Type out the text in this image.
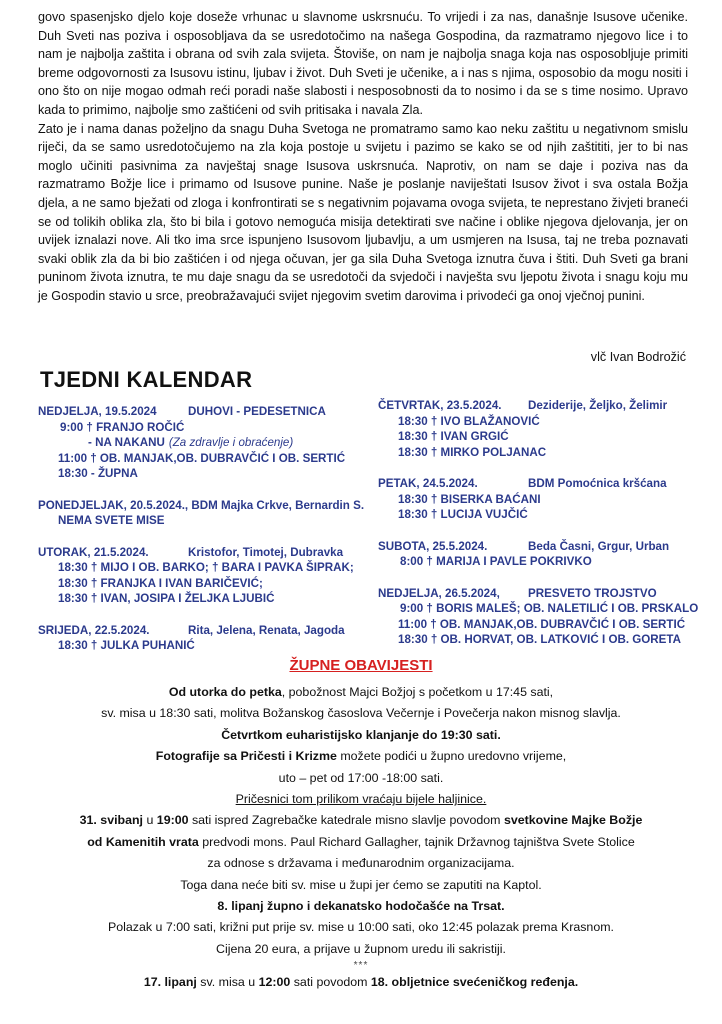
govo spasenjsko djelo koje doseže vrhunac u slavnome uskrsnuću. To vrijedi i za nas, današnje Isusove učenike. Duh Sveti nas poziva i osposobljava da se usredotočimo na našega Gospodina, da razmatramo njegovo lice i to nam je najbolja zaštita i obrana od svih zala svijeta. Štoviše, on nam je najbolja snaga koja nas osposobljuje primiti breme odgovornosti za Isusovu istinu, ljubav i život. Duh Sveti je učenike, a i nas s njima, osposobio da mogu nositi i ono što on nije mogao odmah reći poradi naše slabosti i nesposobnosti da to nosimo i da se s time nosimo. Upravo kada to primimo, najbolje smo zaštićeni od svih pritisaka i navala Zla.

Zato je i nama danas poželjno da snagu Duha Svetoga ne promatramo samo kao neku zaštitu u negativnom smislu riječi, da se samo usredotočujemo na zla koja postoje u svijetu i pazimo se kako se od njih zaštititi, jer to bi nas moglo učiniti pasivnima za navještaj snage Isusova uskrsnuća. Naprotiv, on nam se daje i poziva nas da razmatramo Božje lice i primamo od Isusove punine. Naše je poslanje naviještati Isusov život i sva ostala Božja djela, a ne samo bježati od zloga i konfrontirati se s negativnim pojavama ovoga svijeta, te neprestano živjeti braneći se od tolikih oblika zla, što bi bila i gotovo nemoguća misija detektirati sve načine i oblike njegova djelovanja, jer on uvijek iznalazi nove. Ali tko ima srce ispunjeno Isusovom ljubavlju, a um usmjeren na Isusa, taj ne treba poznavati svaki oblik zla da bi bio zaštićen i od njega očuvan, jer ga sila Duha Svetoga iznutra čuva i štiti. Duh Sveti ga brani puninom života iznutra, te mu daje snagu da se usredotoči da svjedoči i navješta svu ljepotu života i snagu koju mu je Gospodin stavio u srce, preobražavajući svijet njegovim svetim darovima i privodeći ga onoj vječnoj punini.

vlč Ivan Bodrožić
TJEDNI KALENDAR
NEDJELJA, 19.5.2024	DUHOVI - PEDESETNICA
9:00 † FRANJO ROČIĆ
- NA NAKANU (Za zdravlje i obraćenje)
11:00 † OB. MANJAK,OB. DUBRAVČIĆ I OB. SERTIĆ
18:30 - ŽUPNA
PONEDJELJAK, 20.5.2024., BDM Majka Crkve, Bernardin S.
NEMA SVETE MISE
UTORAK, 21.5.2024.	Kristofor, Timotej, Dubravka
18:30 † MIJO I OB. BARKO; † BARA I PAVKA ŠIPRAK;
18:30 † FRANJKA I IVAN BARIČEVIĆ;
18:30 † IVAN, JOSIPA I ŽELJKA LJUBIĆ
SRIJEDA, 22.5.2024.	Rita, Jelena, Renata, Jagoda
18:30 † JULKA PUHANIĆ
ČETVRTAK, 23.5.2024. Deziderije, Željko, Želimir
18:30 † IVO BLAŽANOVIĆ
18:30 † IVAN GRGIĆ
18:30 † MIRKO POLJANAC
PETAK, 24.5.2024.	BDM Pomoćnica kršćana
18:30 † BISERKA BAĆANI
18:30 † LUCIJA VUJČIĆ
SUBOTA, 25.5.2024.	Beda Časni, Grgur, Urban
8:00 † MARIJA I PAVLE POKRIVKO
NEDJELJA, 26.5.2024, PRESVETO TROJSTVO
9:00 † BORIS MALEŠ; OB. NALETILIĆ I OB. PRSKALO
11:00 † OB. MANJAK,OB. DUBRAVČIĆ I OB. SERTIĆ
18:30 † OB. HORVAT, OB. LATKOVIĆ I OB. GORETA
ŽUPNE OBAVIJESTI
Od utorka do petka, pobožnost Majci Božjoj s početkom u 17:45 sati,
sv. misa u 18:30 sati, molitva Božanskog časoslova Večernje i Povečerja nakon misnog slavlja.
Četvrtkom euharistijsko klanjanje do 19:30 sati.
Fotografije sa Pričesti i Krizme možete podići u župno uredovno vrijeme,
uto – pet od 17:00 -18:00 sati.
Pričesnici tom prilikom vraćaju bijele haljinice.
31. svibanj u 19:00 sati ispred Zagrebačke katedrale misno slavlje povodom svetkovine Majke Božje
od Kamenitih vrata predvodi mons. Paul Richard Gallagher, tajnik Državnog tajništva Svete Stolice
za odnose s državama i međunarodnim organizacijama.
Toga dana neće biti sv. mise u župi jer ćemo se zaputiti na Kaptol.
8. lipanj župno i dekanatsko hodočašće na Trsat.
Polazak u 7:00 sati, križni put prije sv. mise u 10:00 sati, oko 12:45 polazak prema Krasnom.
Cijena 20 eura, a prijave u župnom uredu ili sakristiji.
***
17. lipanj sv. misa u 12:00 sati povodom 18. obljetnice svećeničkog ređenja.
